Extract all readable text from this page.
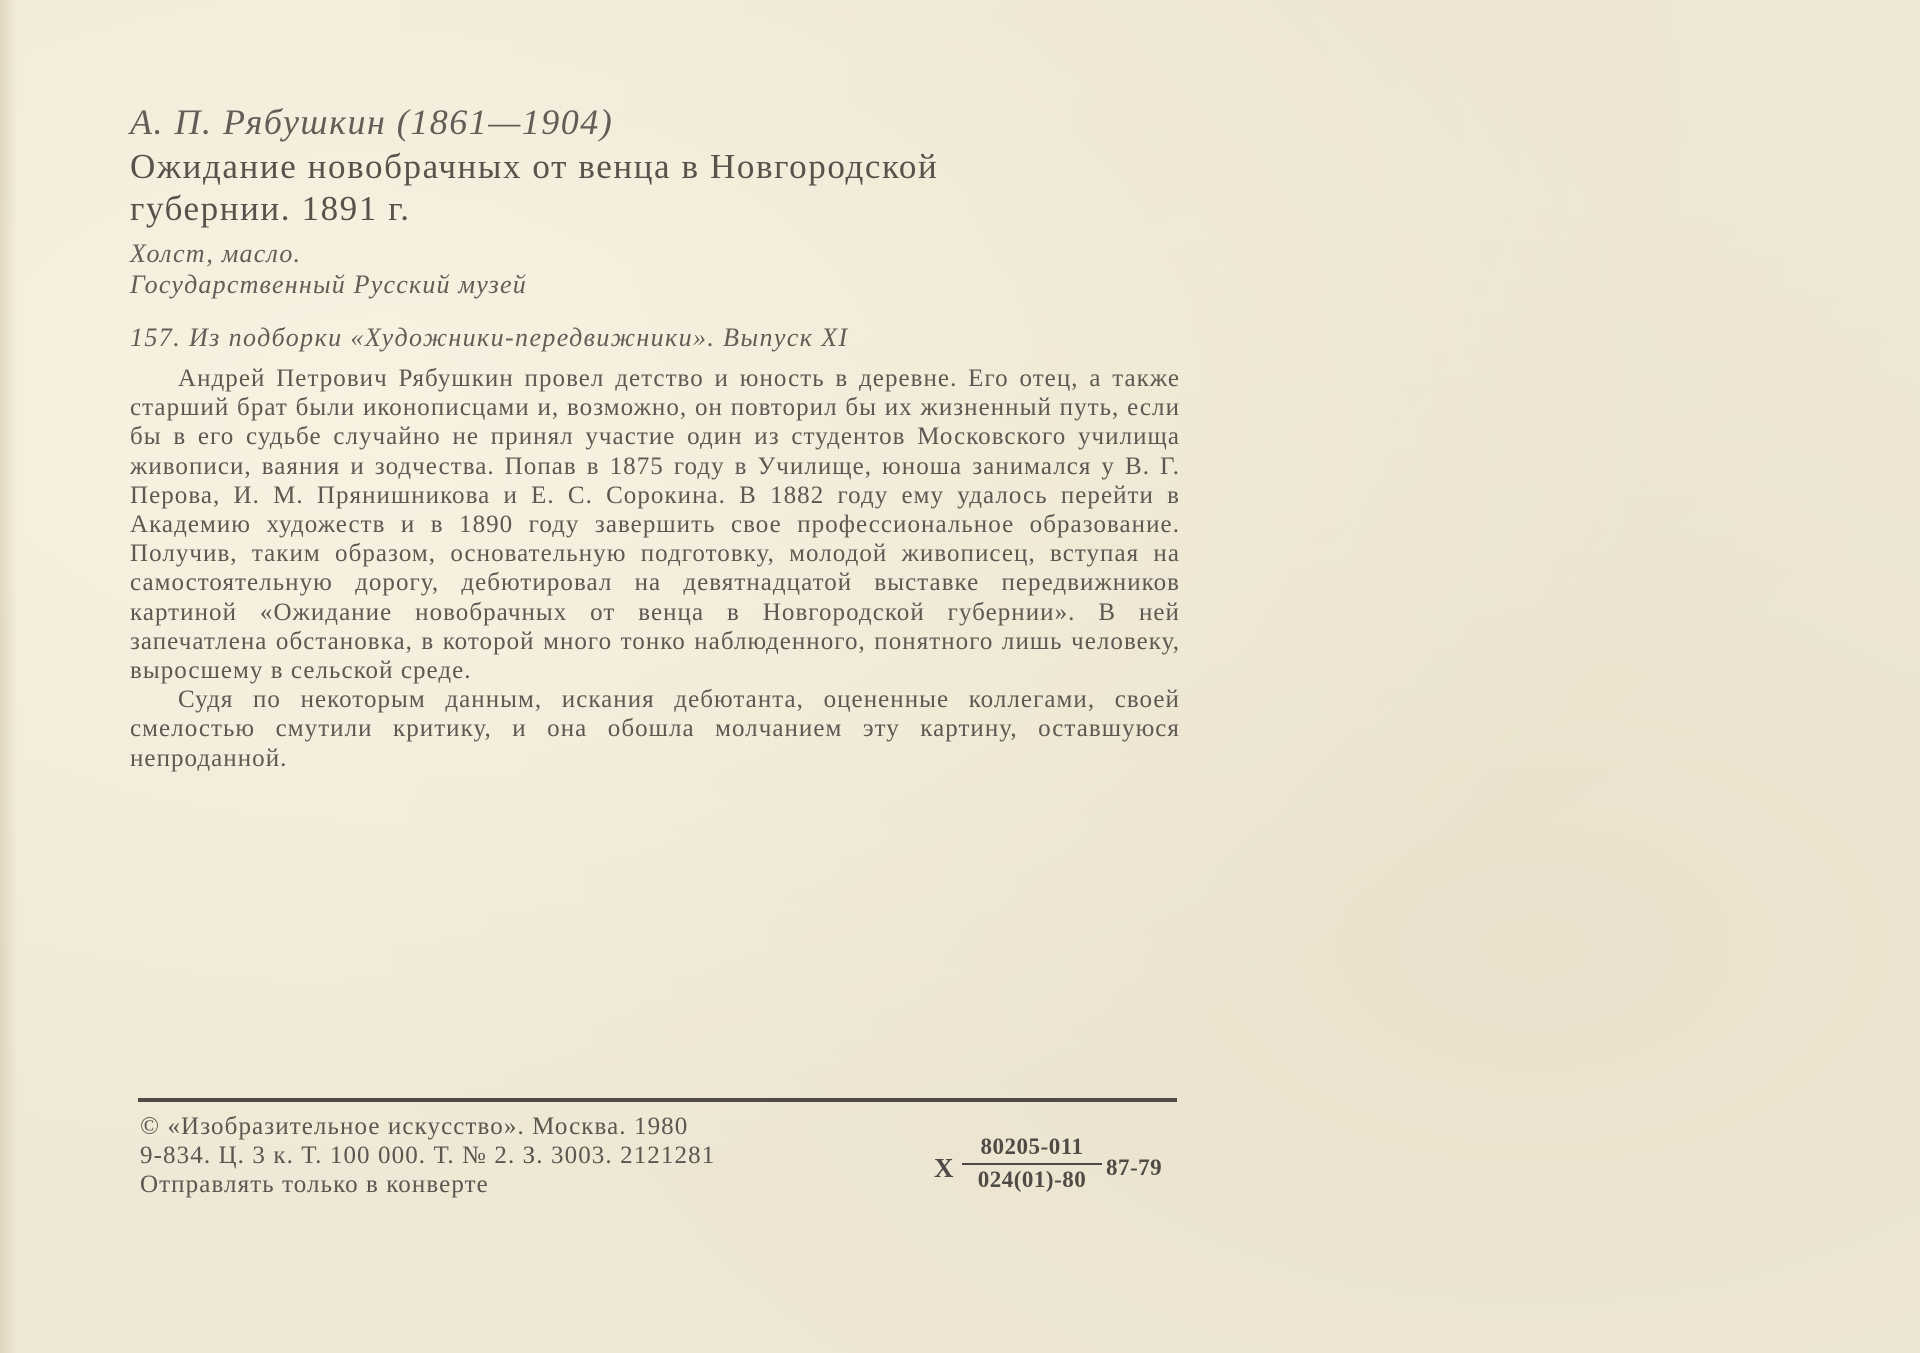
А. П. Рябушкин (1861—1904)

Ожидание новобрачных от венца в Новгородской губернии. 1891 г.

Холст, масло.

Государственный Русский музей

157. Из подборки «Художники-передвижники». Выпуск XI

Андрей Петрович Рябушкин провел детство и юность в деревне. Его отец, а также старший брат были иконописцами и, возможно, он повторил бы их жизненный путь, если бы в его судьбе случайно не принял участие один из студентов Московского училища живописи, ваяния и зодчества. Попав в 1875 году в Училище, юноша занимался у В. Г. Перова, И. М. Прянишникова и Е. С. Сорокина. В 1882 году ему удалось перейти в Академию художеств и в 1890 году завершить свое профессиональное образование. Получив, таким образом, основательную подготовку, молодой живописец, вступая на самостоятельную дорогу, дебютировал на девятнадцатой выставке передвижников картиной «Ожидание новобрачных от венца в Новгородской губернии». В ней запечатлена обстановка, в которой много тонко наблюденного, понятного лишь человеку, выросшему в сельской среде.

Судя по некоторым данным, искания дебютанта, оцененные коллегами, своей смелостью смутили критику, и она обошла молчанием эту картину, оставшуюся непроданной.

© «Изобразительное искусство». Москва. 1980
9-834. Ц. 3 к. Т. 100 000. Т. № 2. З. 3003. 2121281
Отправлять только в конверте
Х $\frac{80205-011}{024(01)-80} 87-79$
